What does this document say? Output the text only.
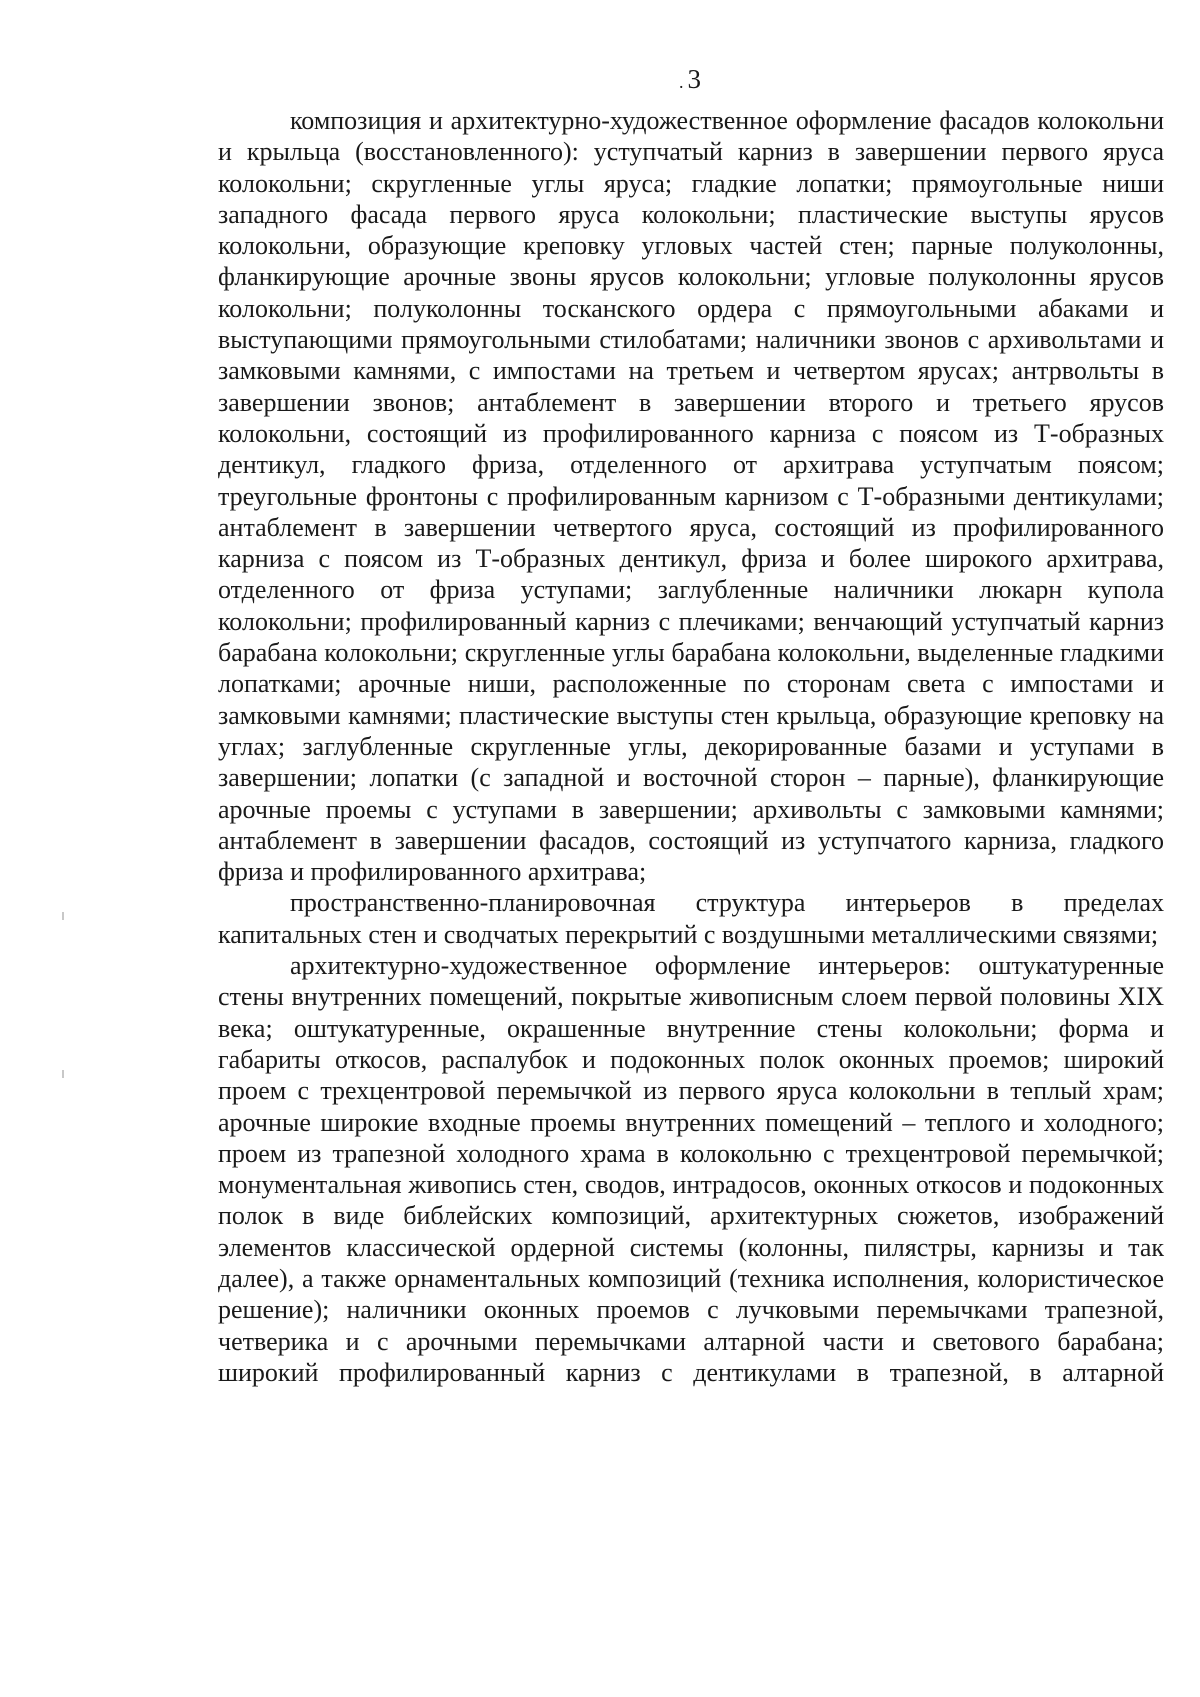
. 3

композиция и архитектурно-художественное оформление фасадов колокольни и крыльца (восстановленного): уступчатый карниз в завершении первого яруса колокольни; скругленные углы яруса; гладкие лопатки; прямоугольные ниши западного фасада первого яруса колокольни; пластические выступы ярусов колокольни, образующие креповку угловых частей стен; парные полуколонны, фланкирующие арочные звоны ярусов колокольни; угловые полуколонны ярусов колокольни; полуколонны тосканского ордера с прямоугольными абаками и выступающими прямоугольными стилобатами; наличники звонов с архивольтами и замковыми камнями, с импостами на третьем и четвертом ярусах; антрвольты в завершении звонов; антаблемент в завершении второго и третьего ярусов колокольни, состоящий из профилированного карниза с поясом из Т-образных дентикул, гладкого фриза, отделенного от архитрава уступчатым поясом; треугольные фронтоны с профилированным карнизом с Т-образными дентикулами; антаблемент в завершении четвертого яруса, состоящий из профилированного карниза с поясом из Т-образных дентикул, фриза и более широкого архитрава, отделенного от фриза уступами; заглубленные наличники люкарн купола колокольни; профилированный карниз с плечиками; венчающий уступчатый карниз барабана колокольни; скругленные углы барабана колокольни, выделенные гладкими лопатками; арочные ниши, расположенные по сторонам света с импостами и замковыми камнями; пластические выступы стен крыльца, образующие креповку на углах; заглубленные скругленные углы, декорированные базами и уступами в завершении; лопатки (с западной и восточной сторон – парные), фланкирующие арочные проемы с уступами в завершении; архивольты с замковыми камнями; антаблемент в завершении фасадов, состоящий из уступчатого карниза, гладкого фриза и профилированного архитрава;

пространственно-планировочная структура интерьеров в пределах капитальных стен и сводчатых перекрытий с воздушными металлическими связями;

архитектурно-художественное оформление интерьеров: оштукатуренные стены внутренних помещений, покрытые живописным слоем первой половины XIX века; оштукатуренные, окрашенные внутренние стены колокольни; форма и габариты откосов, распалубок и подоконных полок оконных проемов; широкий проем с трехцентровой перемычкой из первого яруса колокольни в теплый храм; арочные широкие входные проемы внутренних помещений – теплого и холодного; проем из трапезной холодного храма в колокольню с трехцентровой перемычкой; монументальная живопись стен, сводов, интрадосов, оконных откосов и подоконных полок в виде библейских композиций, архитектурных сюжетов, изображений элементов классической ордерной системы (колонны, пилястры, карнизы и так далее), а также орнаментальных композиций (техника исполнения, колористическое решение); наличники оконных проемов с лучковыми перемычками трапезной, четверика и с арочными перемычками алтарной части и светового барабана; широкий профилированный карниз с дентикулами в трапезной, в алтарной
